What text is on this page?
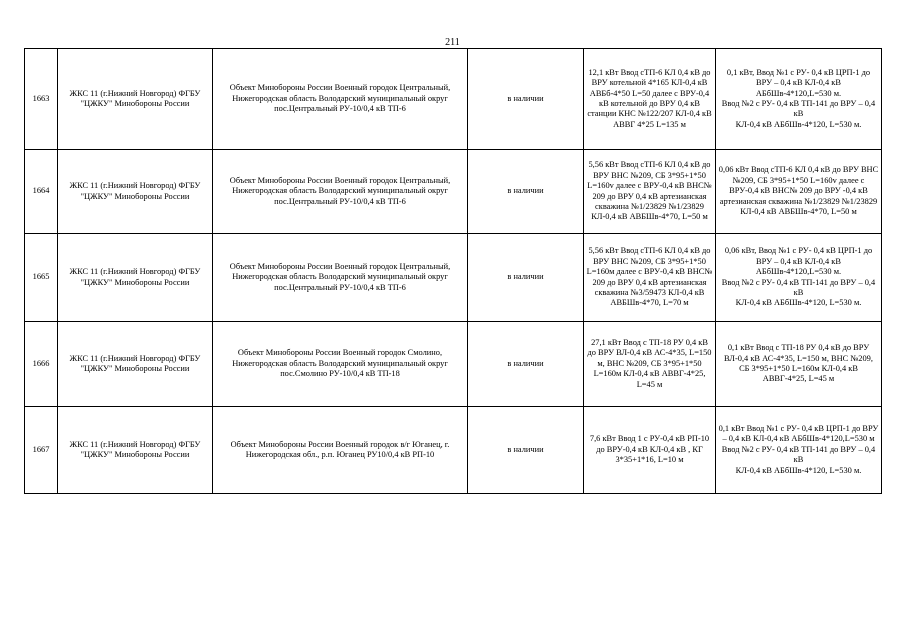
211
1663	ЖКС 11 (г.Нижний Новгород) ФГБУ "ЦЖКУ" Минобороны России	Объект Минобороны России Военный городок Центральный, Нижегородская область Володарский муниципальный округ пос.Центральный РУ-10/0,4 кВ ТП-6	в наличии	12,1 кВт Ввод сТП-6 КЛ 0,4 кВ до ВРУ котельной 4*165 КЛ-0,4 кВ АВБб-4*50 L=50 далее с ВРУ-0,4 кВ котельной до ВРУ 0,4 кВ станции КНС №122/207 КЛ-0,4 кВ АВВГ 4*25 L=135 м	0,1 кВт, Ввод №1 с РУ- 0,4 кВ ЦРП-1 до ВРУ – 0,4 кВ КЛ-0,4 кВ АБбШв-4*120,L=530 м.
Ввод №2 с РУ- 0,4 кВ ТП-141 до ВРУ – 0,4 кВ
КЛ-0,4 кВ АБбШв-4*120, L=530 м.
1664	ЖКС 11 (г.Нижний Новгород) ФГБУ "ЦЖКУ" Минобороны России	Объект Минобороны России Военный городок Центральный, Нижегородская область Володарский муниципальный округ пос.Центральный РУ-10/0,4 кВ ТП-6	в наличии	5,56 кВт Ввод сТП-6 КЛ 0,4 кВ до ВРУ ВНС №209, СБ 3*95+1*50 L=160v далее с ВРУ-0,4 кВ ВНС№ 209 до ВРУ 0,4 кВ артезианская скважина №1/23829 №1/23829 КЛ-0,4 кВ АВБШв-4*70, L=50 м	0,06 кВт Ввод сТП-6 КЛ 0,4 кВ до ВРУ ВНС №209, СБ 3*95+1*50 L=160v далее с ВРУ-0,4 кВ ВНС№ 209 до ВРУ -0,4 кВ артезианская скважина №1/23829 №1/23829 КЛ-0,4 кВ АВБШв-4*70, L=50 м
1665	ЖКС 11 (г.Нижний Новгород) ФГБУ "ЦЖКУ" Минобороны России	Объект Минобороны России Военный городок Центральный, Нижегородская область Володарский муниципальный округ пос.Центральный РУ-10/0,4 кВ ТП-6	в наличии	5,56 кВт Ввод сТП-6 КЛ 0,4 кВ до ВРУ ВНС №209, СБ 3*95+1*50 L=160м далее с ВРУ-0,4 кВ ВНС№ 209 до ВРУ 0,4 кВ артезианская скважина №3/59473 КЛ-0,4 кВ АВБШв-4*70, L=70 м	0,06 кВт, Ввод №1 с РУ- 0,4 кВ ЦРП-1 до ВРУ – 0,4 кВ КЛ-0,4 кВ АБбШв-4*120,L=530 м.
Ввод №2 с РУ- 0,4 кВ ТП-141 до ВРУ – 0,4 кВ
КЛ-0,4 кВ АБбШв-4*120, L=530 м.
1666	ЖКС 11 (г.Нижний Новгород) ФГБУ "ЦЖКУ" Минобороны России	Объект Минобороны России Военный городок Смолино, Нижегородская область Володарский муниципальный округ пос.Смолино РУ-10/0,4 кВ ТП-18	в наличии	27,1 кВт Ввод с ТП-18 РУ 0,4 кВ до ВРУ ВЛ-0,4 кВ АС-4*35, L=150 м, ВНС №209, СБ 3*95+1*50 L=160м КЛ-0,4 кВ АВВГ-4*25, L=45 м	0,1 кВт Ввод с ТП-18 РУ 0,4 кВ до ВРУ ВЛ-0,4 кВ АС-4*35, L=150 м, ВНС №209, СБ 3*95+1*50 L=160м КЛ-0,4 кВ АВВГ-4*25, L=45 м
1667	ЖКС 11 (г.Нижний Новгород) ФГБУ "ЦЖКУ" Минобороны России	Объект Минобороны России Военный городок в/г Юганец, г. Нижегородская обл., р.п. Юганец РУ10/0,4 кВ РП-10	в наличии	7,6 кВт Ввод 1 с РУ-0,4 кВ РП-10 до ВРУ-0,4 кВ КЛ-0,4 кВ , КГ 3*35+1*16, L=10 м	0,1 кВт Ввод №1 с РУ- 0,4 кВ ЦРП-1 до ВРУ – 0,4 кВ КЛ-0,4 кВ АБбШв-4*120,L=530 м
Ввод №2 с РУ- 0,4 кВ ТП-141 до ВРУ – 0,4 кВ
КЛ-0,4 кВ АБбШв-4*120, L=530 м.
